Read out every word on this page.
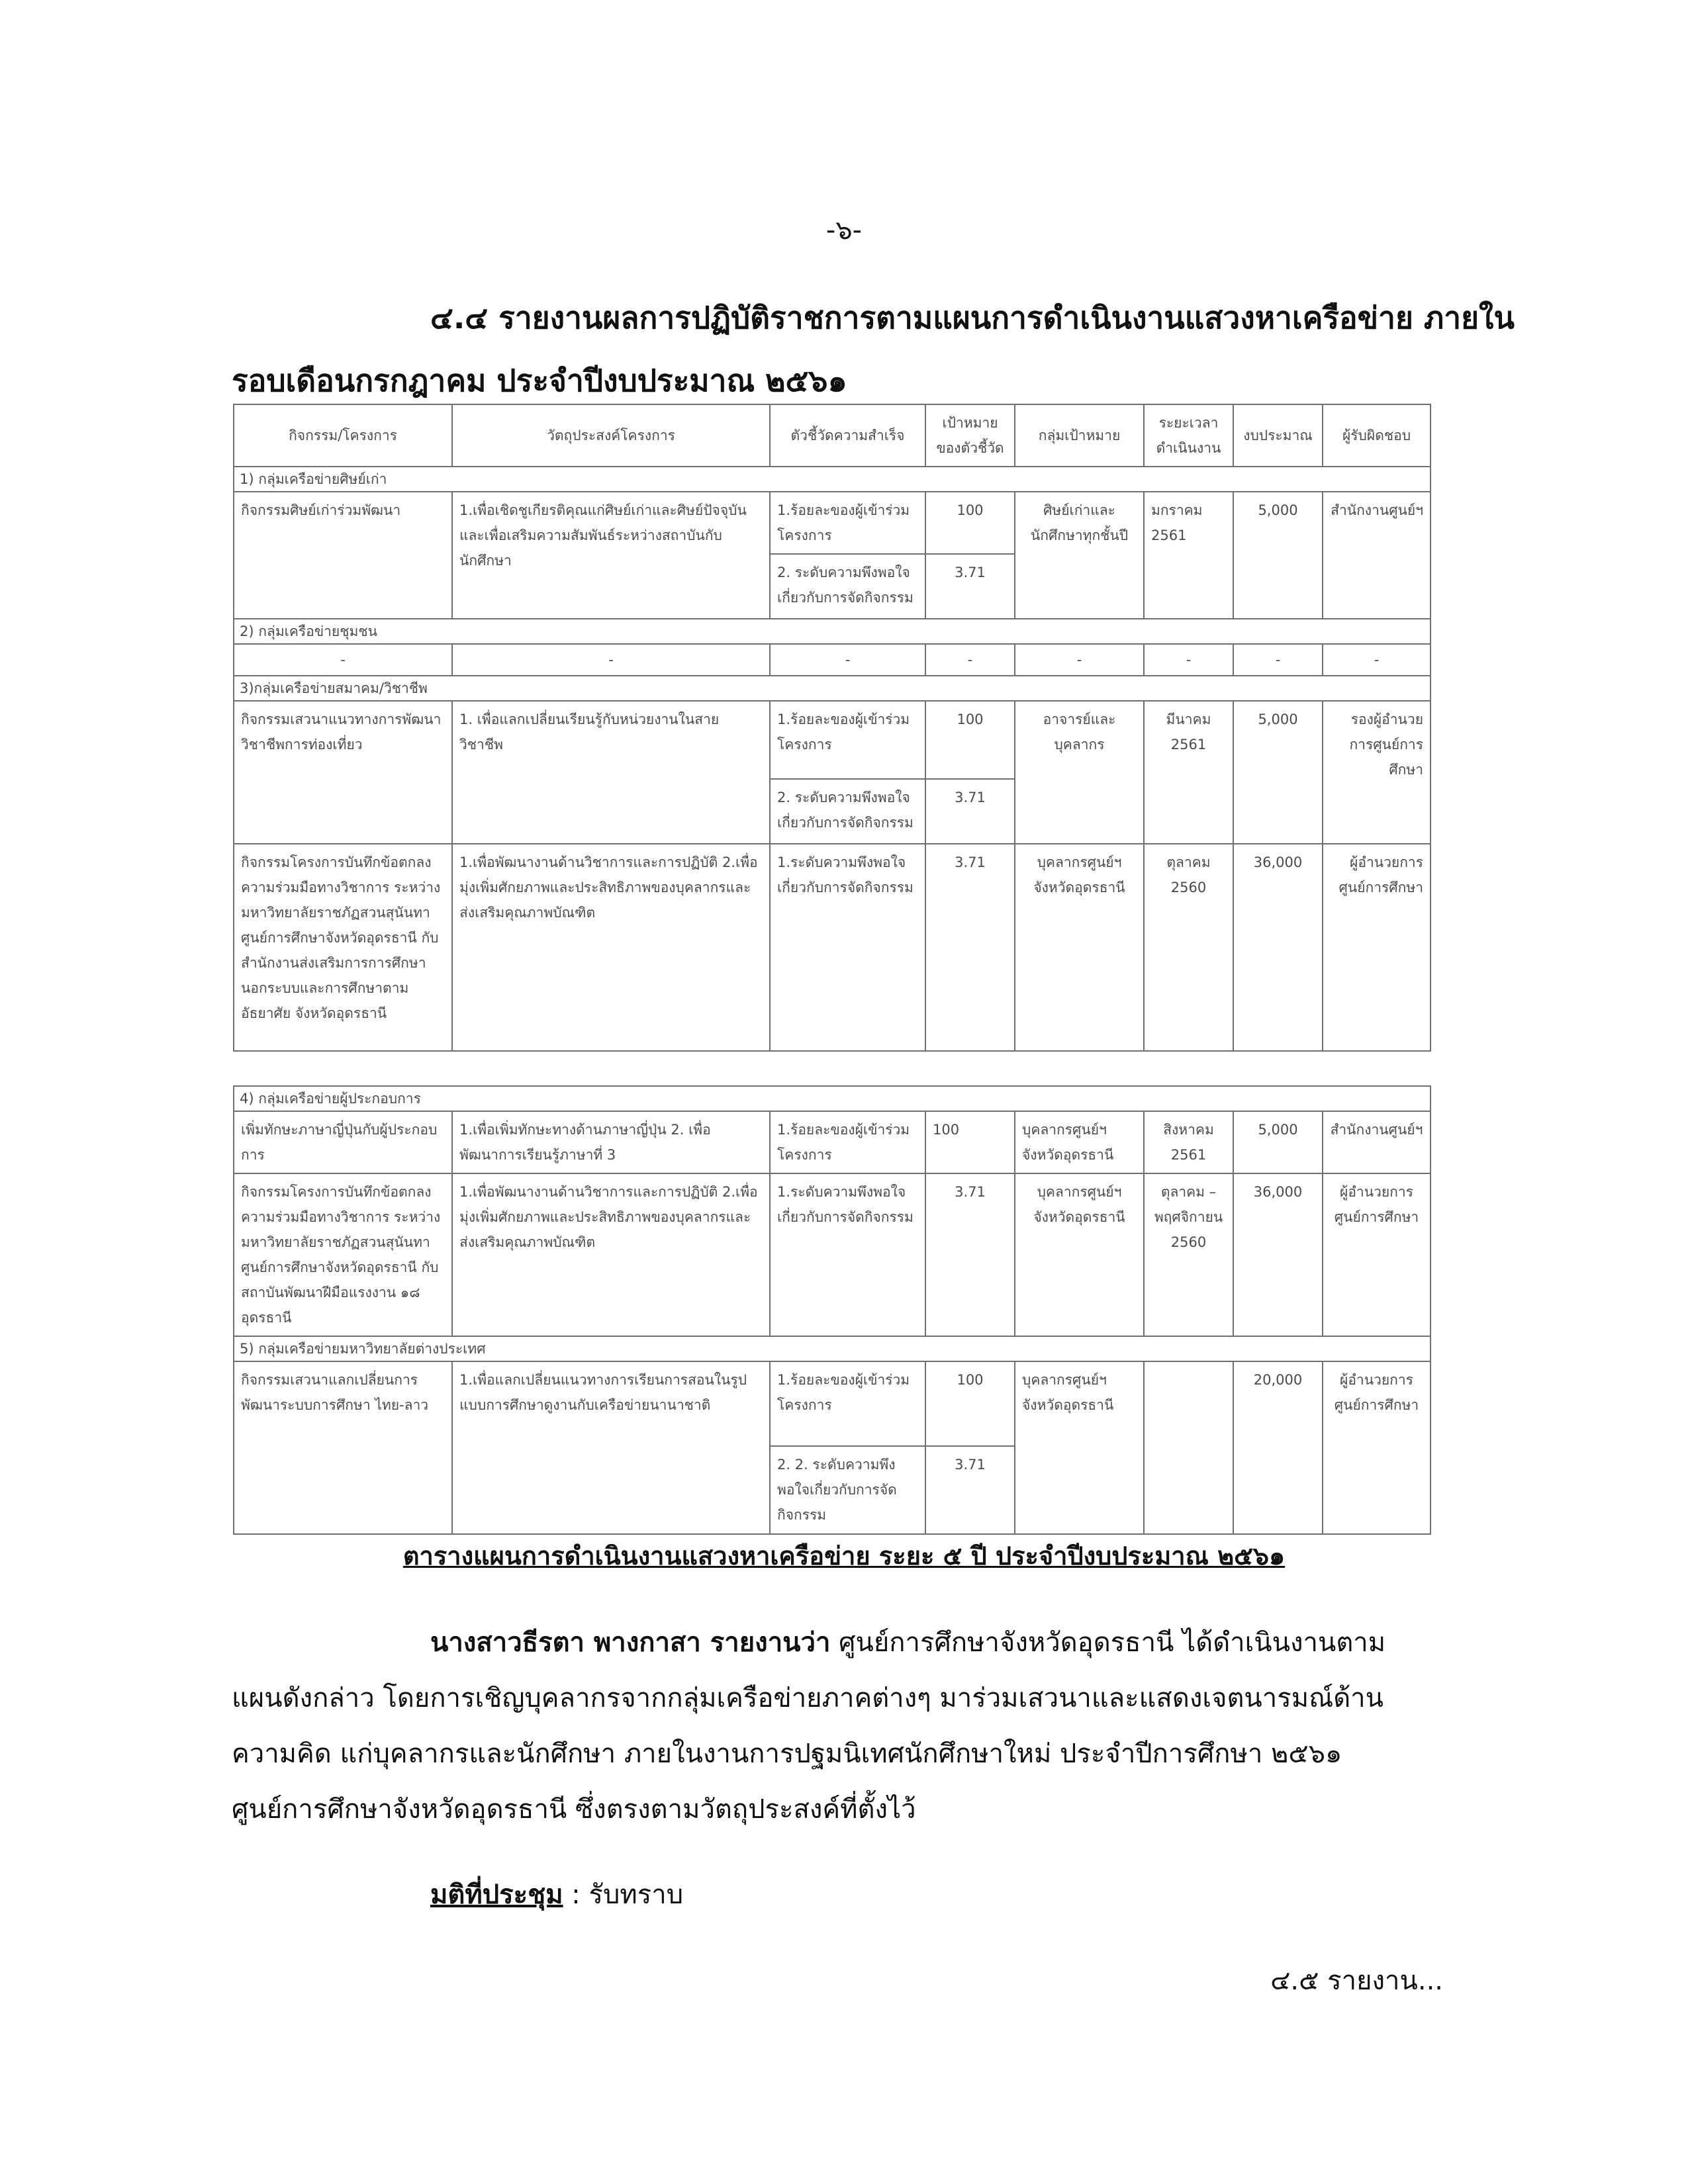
-๖-
๔.๔ รายงานผลการปฏิบัติราชการตามแผนการดำเนินงานแสวงหาเครือข่าย ภายใน
รอบเดือนกรกฎาคม ประจำปีงบประมาณ ๒๕๖๑
กิจกรรม/โครงการ	วัตถุประสงค์โครงการ	ตัวชี้วัดความสำเร็จ	เป้าหมายของตัวชี้วัด	กลุ่มเป้าหมาย	ระยะเวลาดำเนินงาน	งบประมาณ	ผู้รับผิดชอบ
1) กลุ่มเครือข่ายศิษย์เก่า							
กิจกรรมศิษย์เก่าร่วมพัฒนา	1.เพื่อเชิดชูเกียรติคุณแก่ศิษย์เก่าและศิษย์ปัจจุบัน และเพื่อเสริมความสัมพันธ์ระหว่างสถาบันกับนักศึกษา	1.ร้อยละของผู้เข้าร่วมโครงการ	100	ศิษย์เก่าและนักศึกษาทุกชั้นปี	มกราคม 2561	5,000	สำนักงานศูนย์ฯ
		2. ระดับความพึงพอใจเกี่ยวกับการจัดกิจกรรม	3.71				
2) กลุ่มเครือข่ายชุมชน							
-	-	-	-	-	-	-	-
3)กลุ่มเครือข่ายสมาคม/วิชาชีพ							
กิจกรรมเสวนาแนวทางการพัฒนาวิชาชีพการท่องเที่ยว	1. เพื่อแลกเปลี่ยนเรียนรู้กับหน่วยงานในสายวิชาชีพ	1.ร้อยละของผู้เข้าร่วมโครงการ	100	อาจารย์และบุคลากร	มีนาคม 2561	5,000	รองผู้อำนวยการศูนย์การศึกษา
		2. ระดับความพึงพอใจเกี่ยวกับการจัดกิจกรรม	3.71				
กิจกรรมโครงการบันทึกข้อตกลงความร่วมมือทางวิชาการ ระหว่างมหาวิทยาลัยราชภัฏสวนสุนันทา ศูนย์การศึกษาจังหวัดอุดรธานี กับสำนักงานส่งเสริมการการศึกษานอกระบบและการศึกษาตามอัธยาศัย จังหวัดอุดรธานี	1.เพื่อพัฒนางานด้านวิชาการและการปฏิบัติ 2.เพื่อมุ่งเพิ่มศักยภาพและประสิทธิภาพของบุคลากรและส่งเสริมคุณภาพบัณฑิต	1.ระดับความพึงพอใจเกี่ยวกับการจัดกิจกรรม	3.71	บุคลากรศูนย์ฯ จังหวัดอุดรธานี	ตุลาคม 2560	36,000	ผู้อำนวยการศูนย์การศึกษา
4) กลุ่มเครือข่ายผู้ประกอบการ							
เพิ่มทักษะภาษาญี่ปุ่นกับผู้ประกอบการ	1.เพื่อเพิ่มทักษะทางด้านภาษาญี่ปุ่น 2. เพื่อพัฒนาการเรียนรู้ภาษาที่ 3	1.ร้อยละของผู้เข้าร่วมโครงการ	100	บุคลากรศูนย์ฯ จังหวัดอุดรธานี	สิงหาคม 2561	5,000	สำนักงานศูนย์ฯ
กิจกรรมโครงการบันทึกข้อตกลงความร่วมมือทางวิชาการ ระหว่างมหาวิทยาลัยราชภัฏสวนสุนันทา ศูนย์การศึกษาจังหวัดอุดรธานี กับสถาบันพัฒนาฝีมือแรงงาน ๑๘ อุดรธานี	1.เพื่อพัฒนางานด้านวิชาการและการปฏิบัติ 2.เพื่อมุ่งเพิ่มศักยภาพและประสิทธิภาพของบุคลากรและส่งเสริมคุณภาพบัณฑิต	1.ระดับความพึงพอใจเกี่ยวกับการจัดกิจกรรม	3.71	บุคลากรศูนย์ฯ จังหวัดอุดรธานี	ตุลาคม – พฤศจิกายน 2560	36,000	ผู้อำนวยการศูนย์การศึกษา
5) กลุ่มเครือข่ายมหาวิทยาลัยต่างประเทศ							
กิจกรรมเสวนาแลกเปลี่ยนการพัฒนาระบบการศึกษา ไทย-ลาว	1.เพื่อแลกเปลี่ยนแนวทางการเรียนการสอนในรูปแบบการศึกษาดูงานกับเครือข่ายนานาชาติ	1.ร้อยละของผู้เข้าร่วมโครงการ	100	บุคลากรศูนย์ฯ จังหวัดอุดรธานี		20,000	ผู้อำนวยการศูนย์การศึกษา
		2. 2. ระดับความพึงพอใจเกี่ยวกับการจัดกิจกรรม	3.71				
ตารางแผนการดำเนินงานแสวงหาเครือข่าย ระยะ ๕ ปี ประจำปีงบประมาณ ๒๕๖๑
นางสาวธีรตา พางกาสา รายงานว่า ศูนย์การศึกษาจังหวัดอุดรธานี ได้ดำเนินงานตาม
แผนดังกล่าว โดยการเชิญบุคลากรจากกลุ่มเครือข่ายภาคต่างๆ มาร่วมเสวนาและแสดงเจตนารมณ์ด้าน
ความคิด แก่บุคลากรและนักศึกษา ภายในงานการปฐมนิเทศนักศึกษาใหม่ ประจำปีการศึกษา ๒๕๖๑
ศูนย์การศึกษาจังหวัดอุดรธานี ซึ่งตรงตามวัตถุประสงค์ที่ตั้งไว้
มติที่ประชุม : รับทราบ
๔.๕ รายงาน...
